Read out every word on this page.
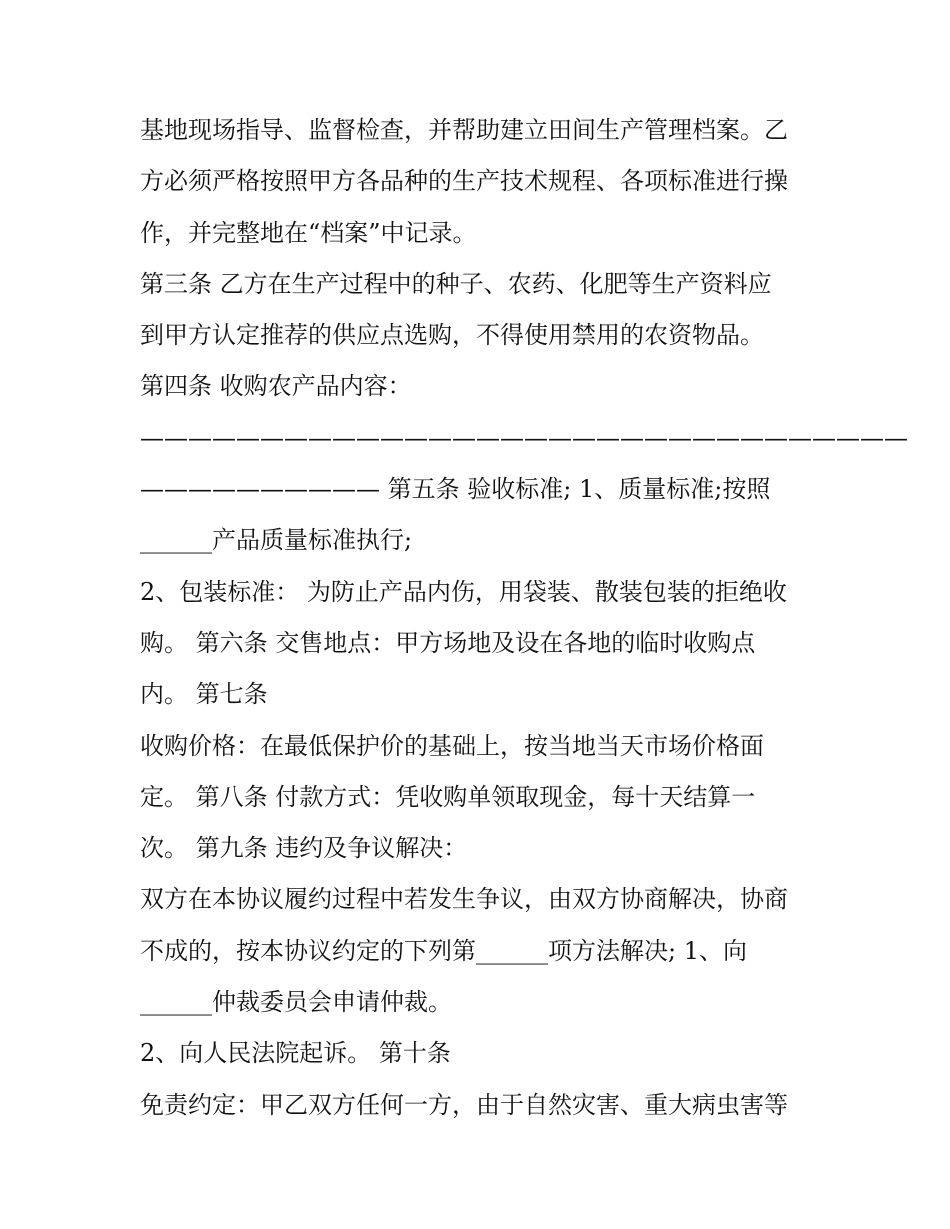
基地现场指导、监督检查，并帮助建立田间生产管理档案。乙
方必须严格按照甲方各品种的生产技术规程、各项标准进行操
作，并完整地在“档案”中记录。
第三条 乙方在生产过程中的种子、农药、化肥等生产资料应
到甲方认定推荐的供应点选购，不得使用禁用的农资物品。
第四条 收购农产品内容：
————————————————————————————————
—————————— 第五条 验收标准; 1、质量标准;按照
______产品质量标准执行;
2、包装标准： 为防止产品内伤，用袋装、散装包装的拒绝收
购。 第六条 交售地点：甲方场地及设在各地的临时收购点
内。 第七条
收购价格：在最低保护价的基础上，按当地当天市场价格面
定。 第八条 付款方式：凭收购单领取现金，每十天结算一
次。 第九条 违约及争议解决：
双方在本协议履约过程中若发生争议，由双方协商解决，协商
不成的，按本协议约定的下列第______项方法解决; 1、向
______仲裁委员会申请仲裁。
2、向人民法院起诉。 第十条
免责约定：甲乙双方任何一方，由于自然灾害、重大病虫害等
